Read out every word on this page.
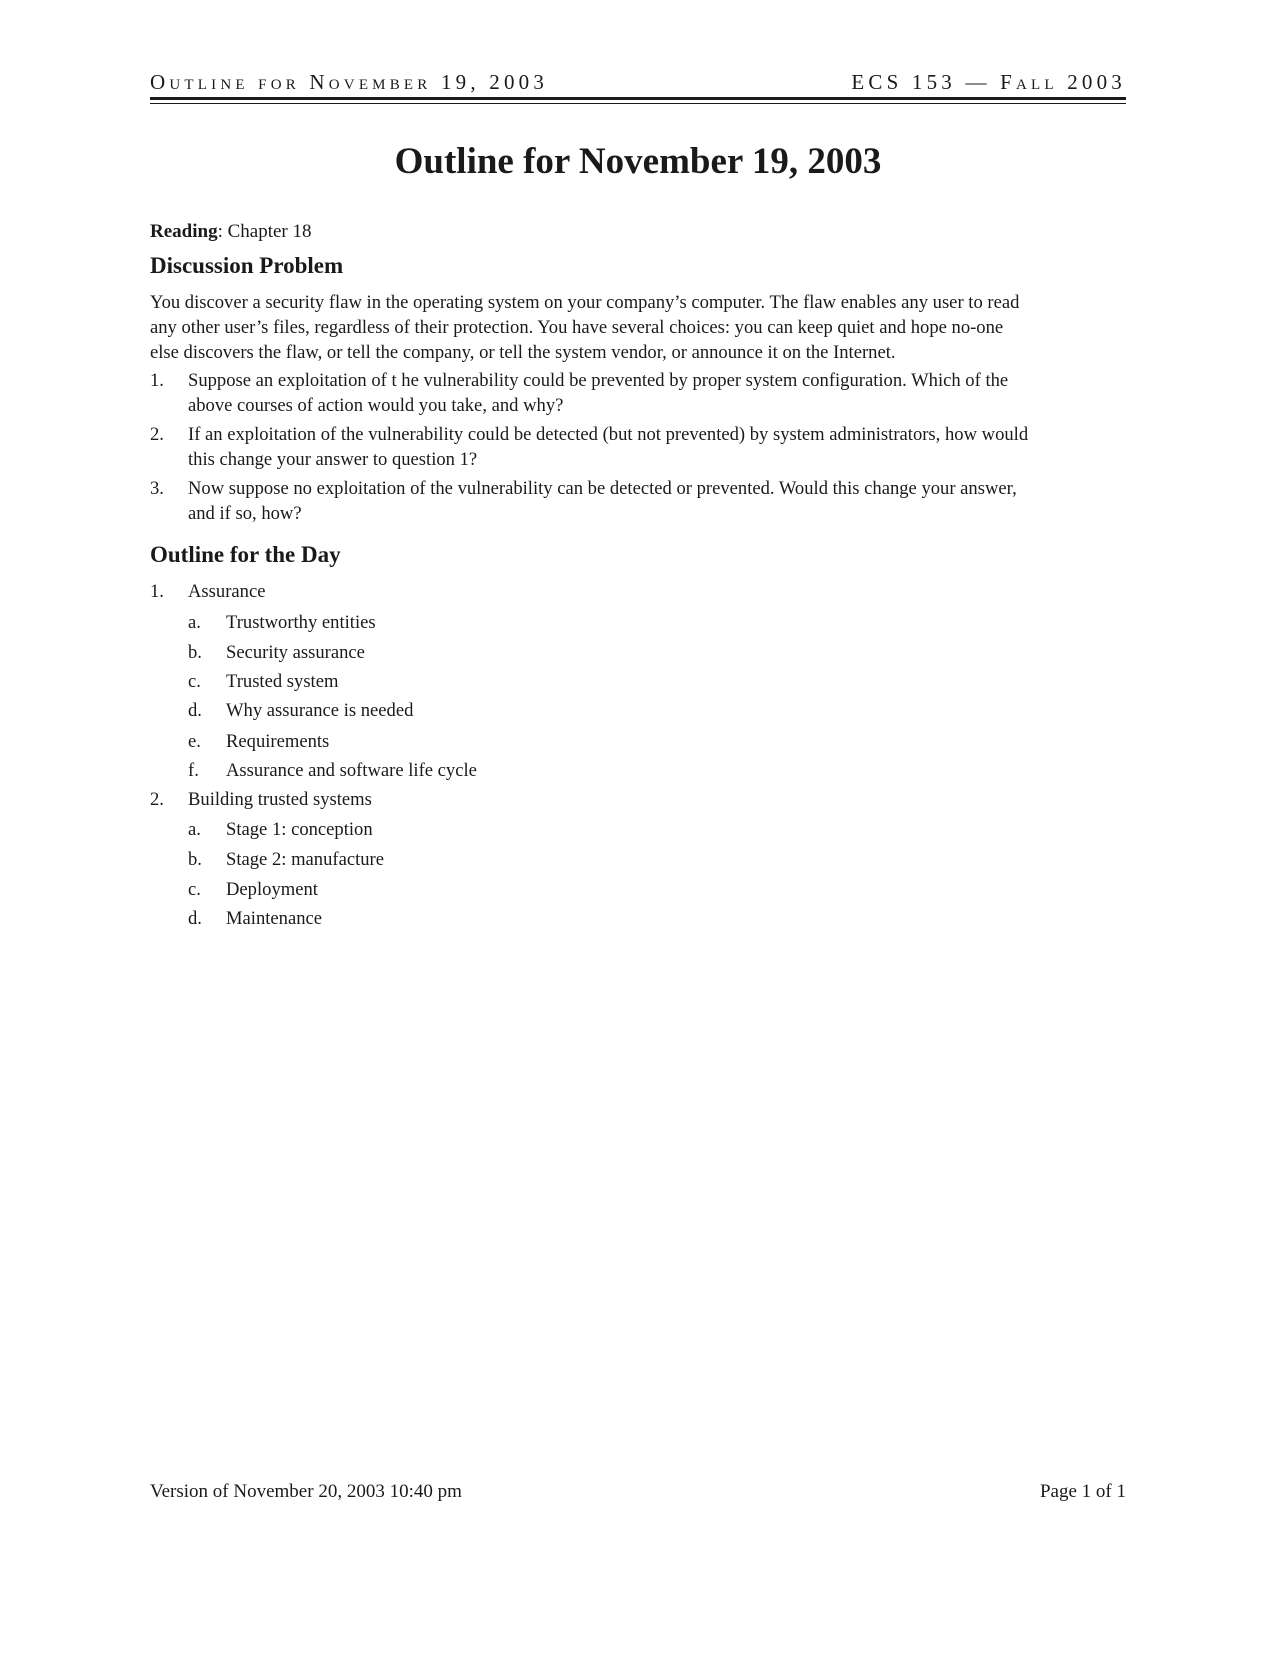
Outline for November 19, 2003	ECS 153 — Fall 2003
Outline for November 19, 2003
Reading: Chapter 18
Discussion Problem

You discover a security flaw in the operating system on your company’s computer. The flaw enables any user to read

any other user’s files, regardless of their protection. You have several choices: you can keep quiet and hope no-one

else discovers the flaw, or tell the company, or tell the system vendor, or announce it on the Internet.

1.	Suppose an exploitation of t he vulnerability could be prevented by proper system configuration. Which of the
above courses of action would you take, and why?
2.	If an exploitation of the vulnerability could be detected (but not prevented) by system administrators, how would
this change your answer to question 1?
3.	Now suppose no exploitation of the vulnerability can be detected or prevented. Would this change your answer,
and if so, how?
Outline for the Day
1.	Assurance
a.	Trustworthy entities
b.	Security assurance
c.	Trusted system
d.	Why assurance is needed
e.	Requirements
f.	Assurance and software life cycle
2.	Building trusted systems
a.	Stage 1: conception
b.	Stage 2: manufacture
c.	Deployment
d.	Maintenance
Version of November 20, 2003 10:40 pm	Page 1 of 1
